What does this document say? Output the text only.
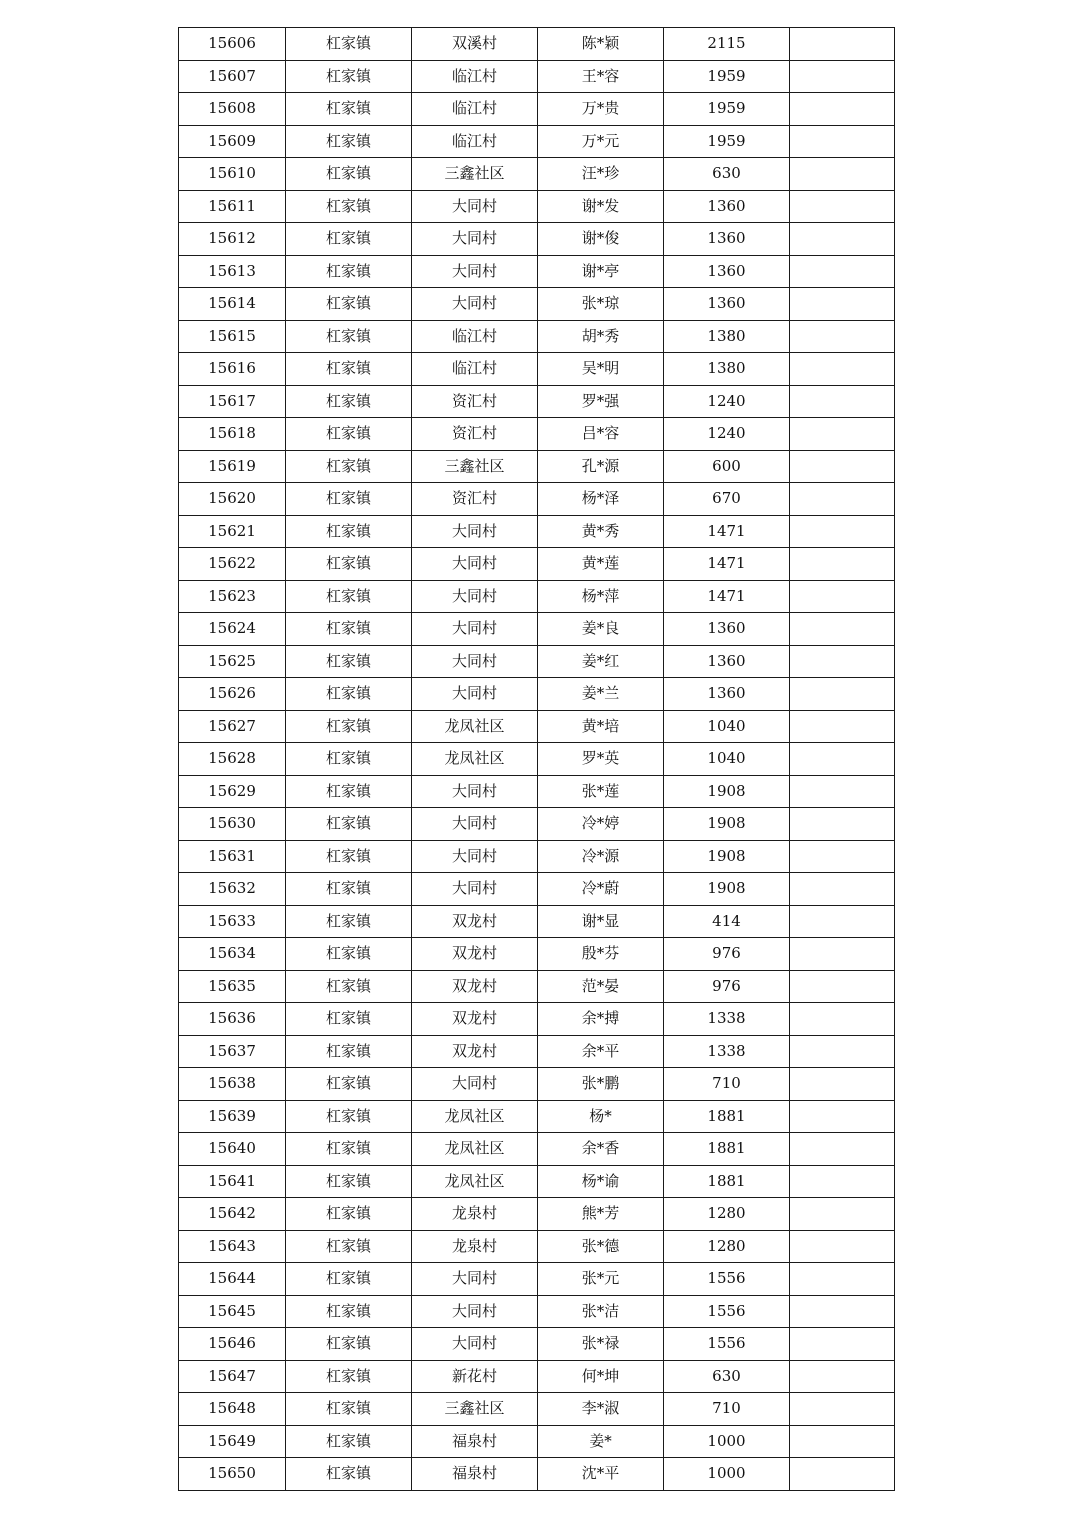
15606	杠家镇	双溪村	陈*颖	2115	
15607	杠家镇	临江村	王*容	1959	
15608	杠家镇	临江村	万*贵	1959	
15609	杠家镇	临江村	万*元	1959	
15610	杠家镇	三鑫社区	汪*珍	630	
15611	杠家镇	大同村	谢*发	1360	
15612	杠家镇	大同村	谢*俊	1360	
15613	杠家镇	大同村	谢*亭	1360	
15614	杠家镇	大同村	张*琼	1360	
15615	杠家镇	临江村	胡*秀	1380	
15616	杠家镇	临江村	吴*明	1380	
15617	杠家镇	资汇村	罗*强	1240	
15618	杠家镇	资汇村	吕*容	1240	
15619	杠家镇	三鑫社区	孔*源	600	
15620	杠家镇	资汇村	杨*泽	670	
15621	杠家镇	大同村	黄*秀	1471	
15622	杠家镇	大同村	黄*莲	1471	
15623	杠家镇	大同村	杨*萍	1471	
15624	杠家镇	大同村	姜*良	1360	
15625	杠家镇	大同村	姜*红	1360	
15626	杠家镇	大同村	姜*兰	1360	
15627	杠家镇	龙凤社区	黄*培	1040	
15628	杠家镇	龙凤社区	罗*英	1040	
15629	杠家镇	大同村	张*莲	1908	
15630	杠家镇	大同村	冷*婷	1908	
15631	杠家镇	大同村	冷*源	1908	
15632	杠家镇	大同村	冷*蔚	1908	
15633	杠家镇	双龙村	谢*显	414	
15634	杠家镇	双龙村	殷*芬	976	
15635	杠家镇	双龙村	范*晏	976	
15636	杠家镇	双龙村	余*搏	1338	
15637	杠家镇	双龙村	余*平	1338	
15638	杠家镇	大同村	张*鹏	710	
15639	杠家镇	龙凤社区	杨*	1881	
15640	杠家镇	龙凤社区	余*香	1881	
15641	杠家镇	龙凤社区	杨*谕	1881	
15642	杠家镇	龙泉村	熊*芳	1280	
15643	杠家镇	龙泉村	张*德	1280	
15644	杠家镇	大同村	张*元	1556	
15645	杠家镇	大同村	张*洁	1556	
15646	杠家镇	大同村	张*禄	1556	
15647	杠家镇	新花村	何*坤	630	
15648	杠家镇	三鑫社区	李*淑	710	
15649	杠家镇	福泉村	姜*	1000	
15650	杠家镇	福泉村	沈*平	1000	
